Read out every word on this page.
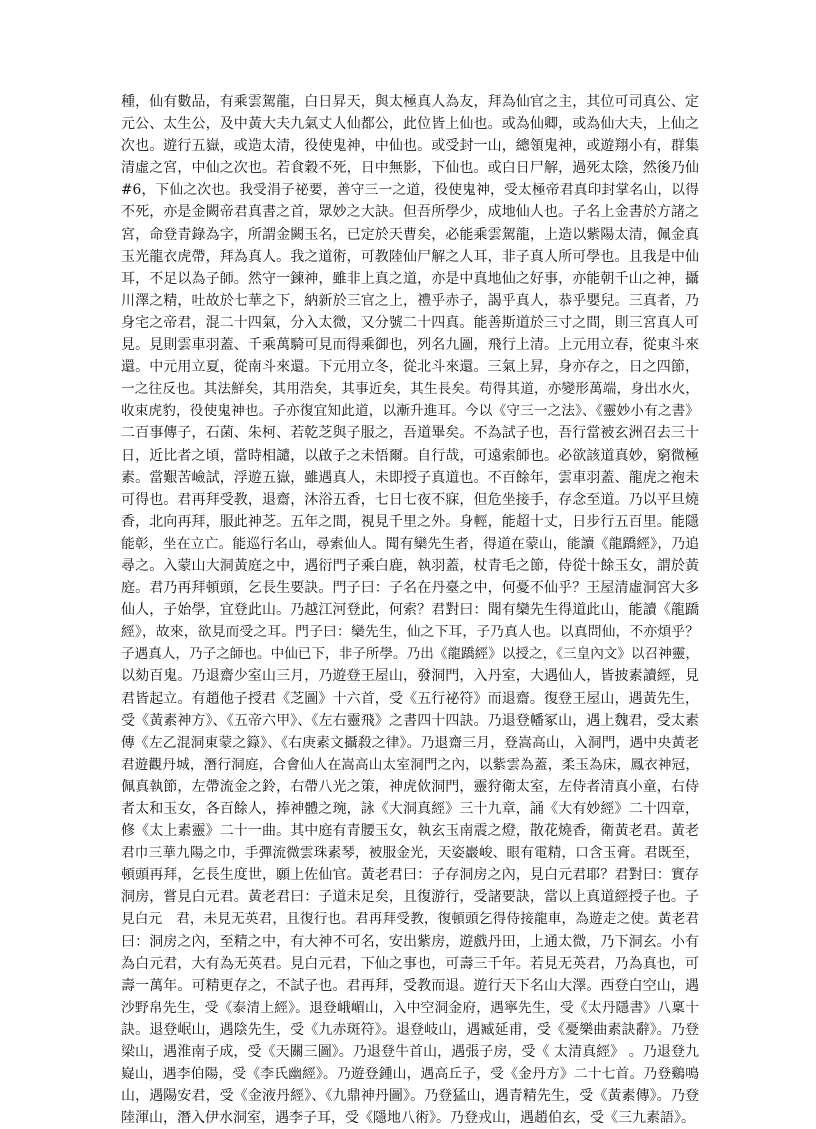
種，仙有數品，有乘雲駕龍，白日昇天，與太極真人為友，拜為仙官之主，其位可司真公、定
元公、太生公，及中黃大夫九氣丈人仙都公，此位皆上仙也。或為仙卿，或為仙大夫，上仙之
次也。遊行五嶽，或造太清，役使鬼神，中仙也。或受封一山，總領鬼神，或遊翔小有，群集
清虛之宮，中仙之次也。若食穀不死，日中無影，下仙也。或白日尸解，過死太陰，然後乃仙
#6，下仙之次也。我受涓子祕要，善守三一之道，役使鬼神，受太極帝君真印封掌名山，以得
不死，亦是金闕帝君真書之首，眾妙之大訣。但吾所學少，成地仙人也。子名上金書於方諸之
宮，命登青錄為字，所謂金闕玉名，已定於天曹矣，必能乘雲駕龍，上造以紫陽太清，佩金真
玉光龍衣虎帶，拜為真人。我之道術，可教陸仙尸解之人耳，非子真人所可學也。且我是中仙
耳，不足以為子師。然守一鍊神，雖非上真之道，亦是中真地仙之好事，亦能朝千山之神，攝
川澤之精，吐故於七華之下，納新於三官之上，禮乎赤子，謁乎真人，恭乎嬰兒。三真者，乃
身宅之帝君，混二十四氣，分入太微，又分號二十四真。能善斯道於三寸之間，則三宮真人可
見。見則雲車羽蓋、千乘萬騎可見而得乘御也，列名九圖，飛行上清。上元用立春，從東斗來
還。中元用立夏，從南斗來還。下元用立冬，從北斗來還。三氣上昇，身亦存之，日之四節，
一之往反也。其法鮮矣，其用浩矣，其事近矣，其生長矣。苟得其道，亦變形萬端，身出水火，
收束虎豹，役使鬼神也。子亦復宜知此道，以漸升進耳。今以《守三一之法》、《靈妙小有之書》
二百事傳子，石菌、朱柯、若乾芝與子服之，吾道畢矣。不為試子也，吾行當被玄洲召去三十
日，近比者之頃，當時相譴，以啟子之未悟爾。自行哉，可遠索師也。必欲該道真妙，窮微極
素。當艱苦嶮試，浮遊五嶽，雖遇真人，未即授子真道也。不百餘年，雲車羽蓋、龍虎之袍未
可得也。君再拜受教，退齋，沐浴五香，七日七夜不寐，但危坐接手，存念至道。乃以平旦燒
香，北向再拜，服此神芝。五年之間，視見千里之外。身輕，能超十丈，日步行五百里。能隱
能彰，坐在立亡。能巡行名山，尋索仙人。聞有欒先生者，得道在蒙山，能讀《龍蹻經》，乃追
尋之。入蒙山大洞黃庭之中，遇衍門子乘白鹿，執羽蓋，杖青毛之節，侍從十餘玉女，謂於黃
庭。君乃再拜頓頭，乞長生要訣。門子曰：子名在丹臺之中，何憂不仙乎？王屋清虛洞宮大多
仙人，子始學，宜登此山。乃越江河登此，何索？君對曰：聞有欒先生得道此山，能讀《龍蹻
經》，故來，欲見而受之耳。門子曰：欒先生，仙之下耳，子乃真人也。以真問仙，不亦煩乎？
子遇真人，乃子之師也。中仙已下，非子所學。乃出《龍蹻經》以授之，《三皇內文》以召神靈，
以劾百鬼。乃退齋少室山三月，乃遊登王屋山，發洞門，入丹室，大遇仙人，皆披素讀經，見
君皆起立。有趙他子授君《芝圖》十六首，受《五行祕符》而退齋。復登王屋山，遇黃先生，
受《黃素神方》、《五帝六甲》、《左右靈飛》之書四十四訣。乃退登幡冢山，遇上魏君，受太素
傳《左乙混洞東蒙之籙》、《右庚素文攝殺之律》。乃退齋三月，登嵩高山，入洞門，遇中央黃老
君遊觀丹城，潛行洞庭，合會仙人在嵩高山太室洞門之內，以紫雲為蓋，柔玉為床，鳳衣神冠，
佩真執節，左帶流金之鈴，右帶八光之策，神虎佽洞門，靈狩衛太室，左侍者清真小童，右侍
者太和玉女，各百餘人，捧神體之琬，詠《大洞真經》三十九章，誦《大有妙經》二十四章，
修《太上素靈》二十一曲。其中庭有青腰玉女，執玄玉南震之燈，散花燒香，衛黃老君。黃老
君巾三華九陽之巾，手彈流微雲珠素琴，被服金光，天姿巖峻、眼有電精，口含玉膏。君既至，
頓頭再拜，乞長生度世，願上佐仙官。黃老君曰：子存洞房之內，見白元君耶？君對曰：實存
洞房，嘗見白元君。黃老君曰：子道未足矣，且復游行，受諸要訣，當以上真道經授子也。子
見白元　君，未見无英君，且復行也。君再拜受教，復頓頭乞得侍接龍車，為遊走之使。黃老君
曰：洞房之內，至精之中，有大神不可名，安出紫房，遊戲丹田，上通太微，乃下洞玄。小有
為白元君，大有為无英君。見白元君，下仙之事也，可壽三千年。若見无英君，乃為真也，可
壽一萬年。可精更存之，不試子也。君再拜，受教而退。遊行天下名山大澤。西登白空山，遇
沙野帛先生，受《泰清上經》。退登峨嵋山，入中空洞金府，遇寧先生，受《太丹隱書》八稟十
訣。退登岷山，遇陰先生，受《九赤斑符》。退登岐山，遇臧延甫，受《憂樂曲素訣辭》。乃登
梁山，遇淮南子成，受《天關三圖》。乃退登牛首山，遇張子房，受《 太清真經》 。乃退登九
嶷山，遇李伯陽，受《李氏幽經》。乃遊登鍾山，遇高丘子，受《金丹方》二十七首。乃登鷄鳴
山，遇陽安君，受《金液丹經》、《九鼎神丹圖》。乃登猛山，遇青精先生，受《黃素傳》。乃登
陸渾山，潛入伊水洞室，遇李子耳，受《隱地八術》。乃登戎山，遇趙伯玄，受《三九素語》。
